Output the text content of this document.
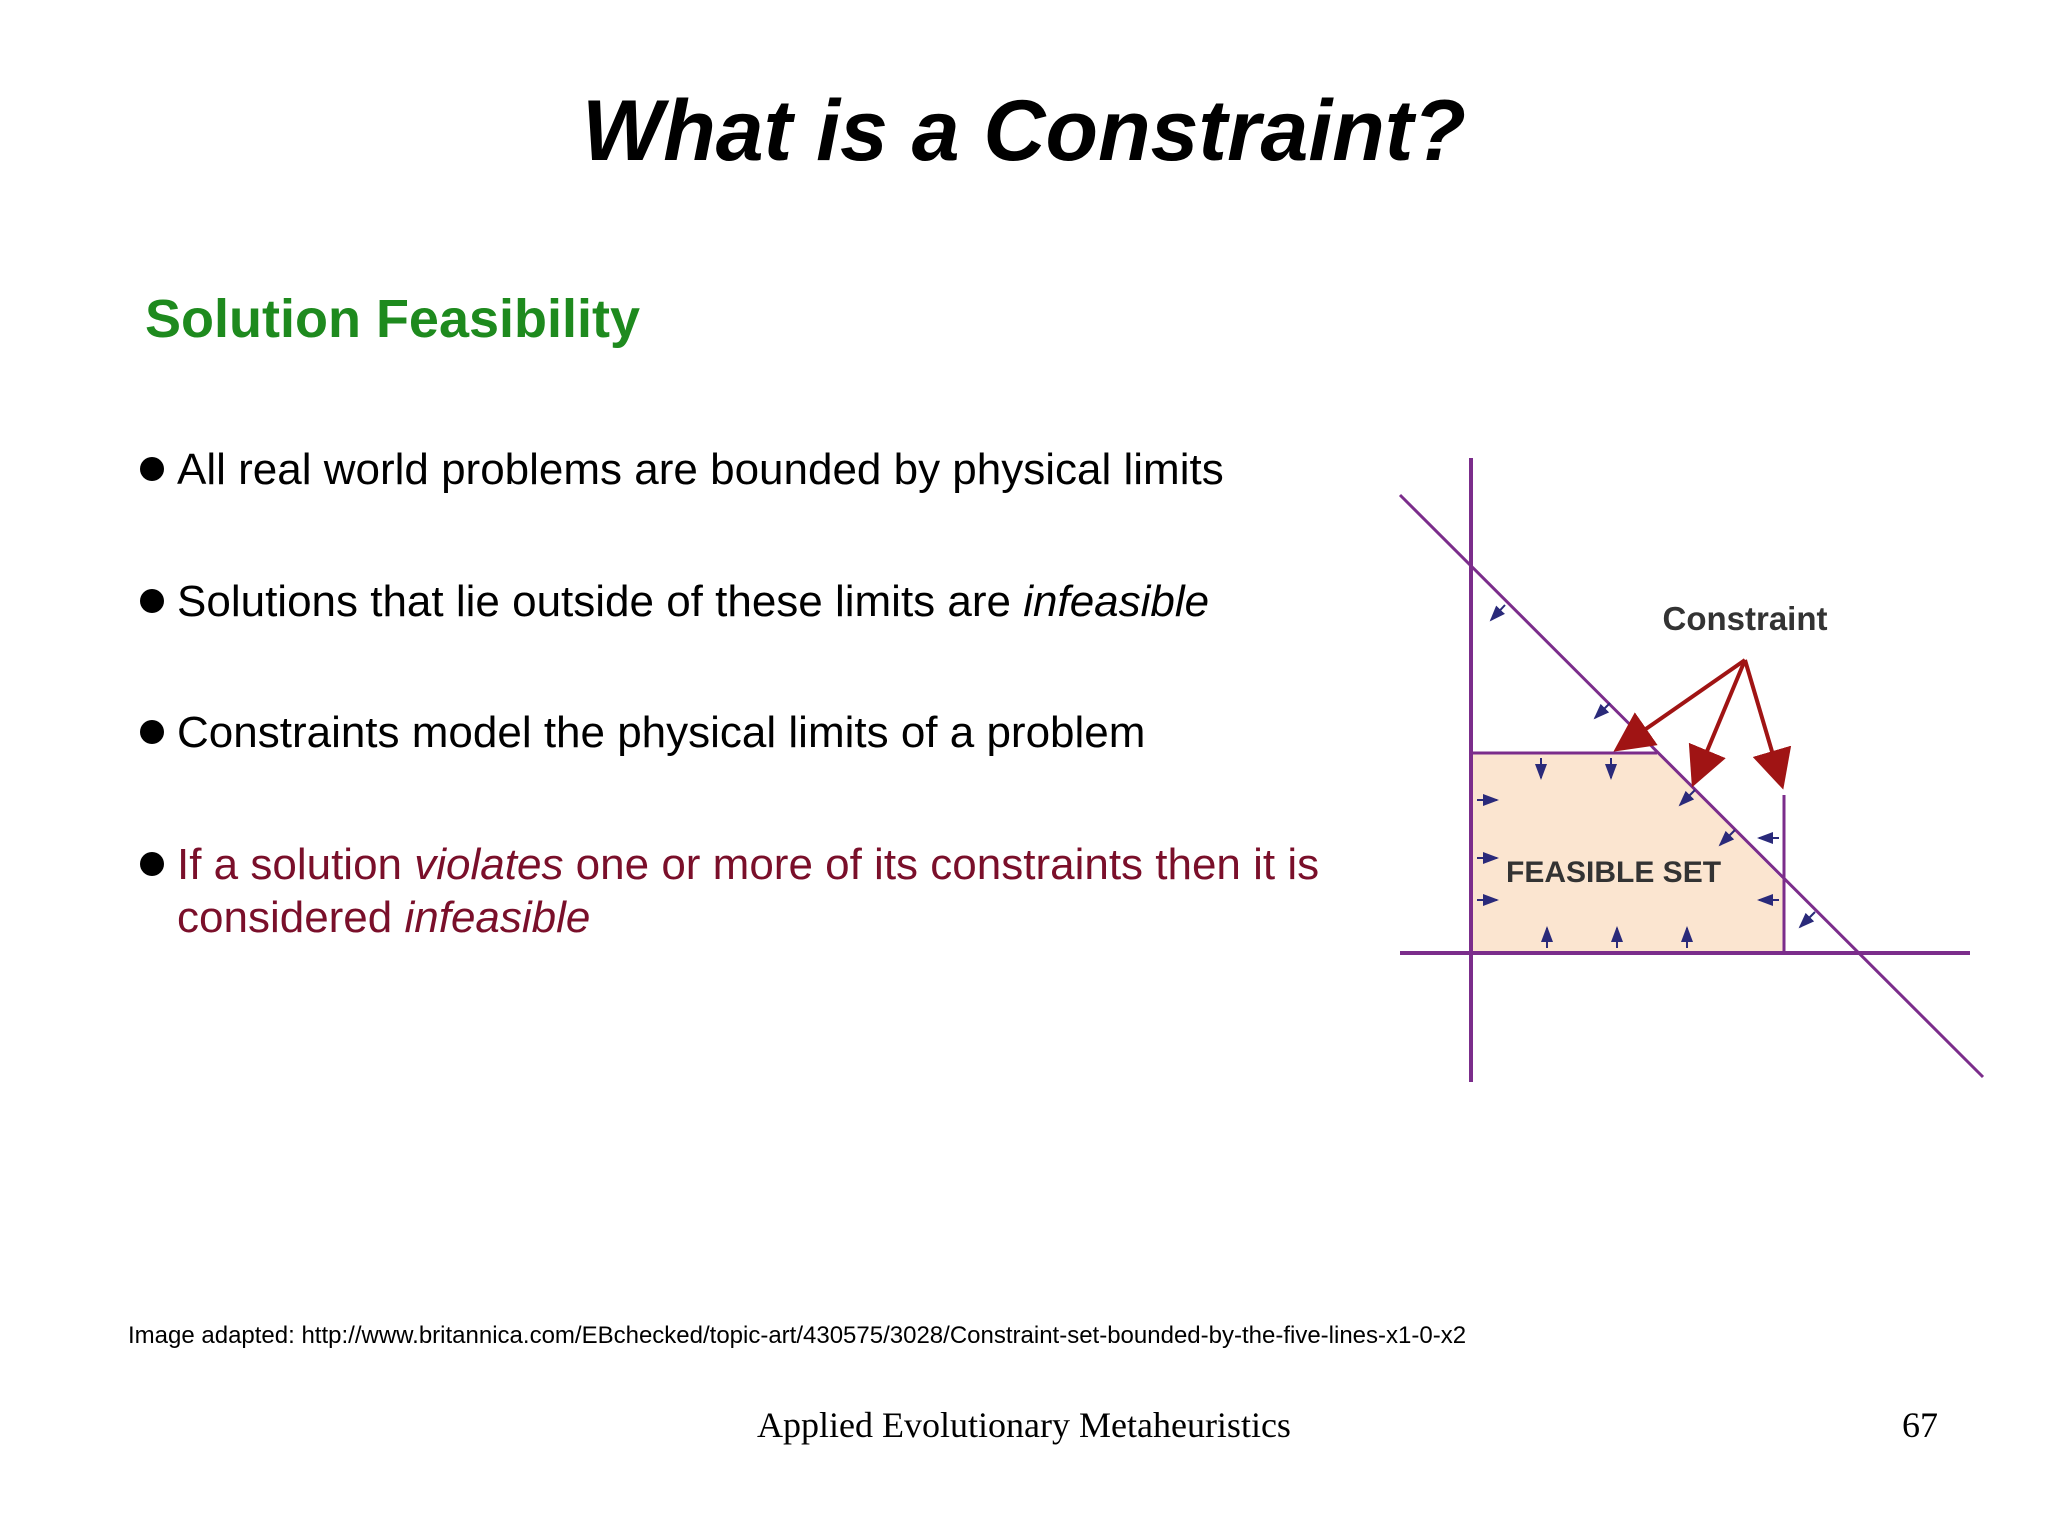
What is a Constraint?
Solution Feasibility
All real world problems are bounded by physical limits
Solutions that lie outside of these limits are infeasible
Constraints model the physical limits of a problem
If a solution violates one or more of its constraints then it is considered infeasible
Constraint
FEASIBLE SET
Image adapted: http://www.britannica.com/EBchecked/topic-art/430575/3028/Constraint-set-bounded-by-the-five-lines-x1-0-x2
Applied Evolutionary Metaheuristics	67
